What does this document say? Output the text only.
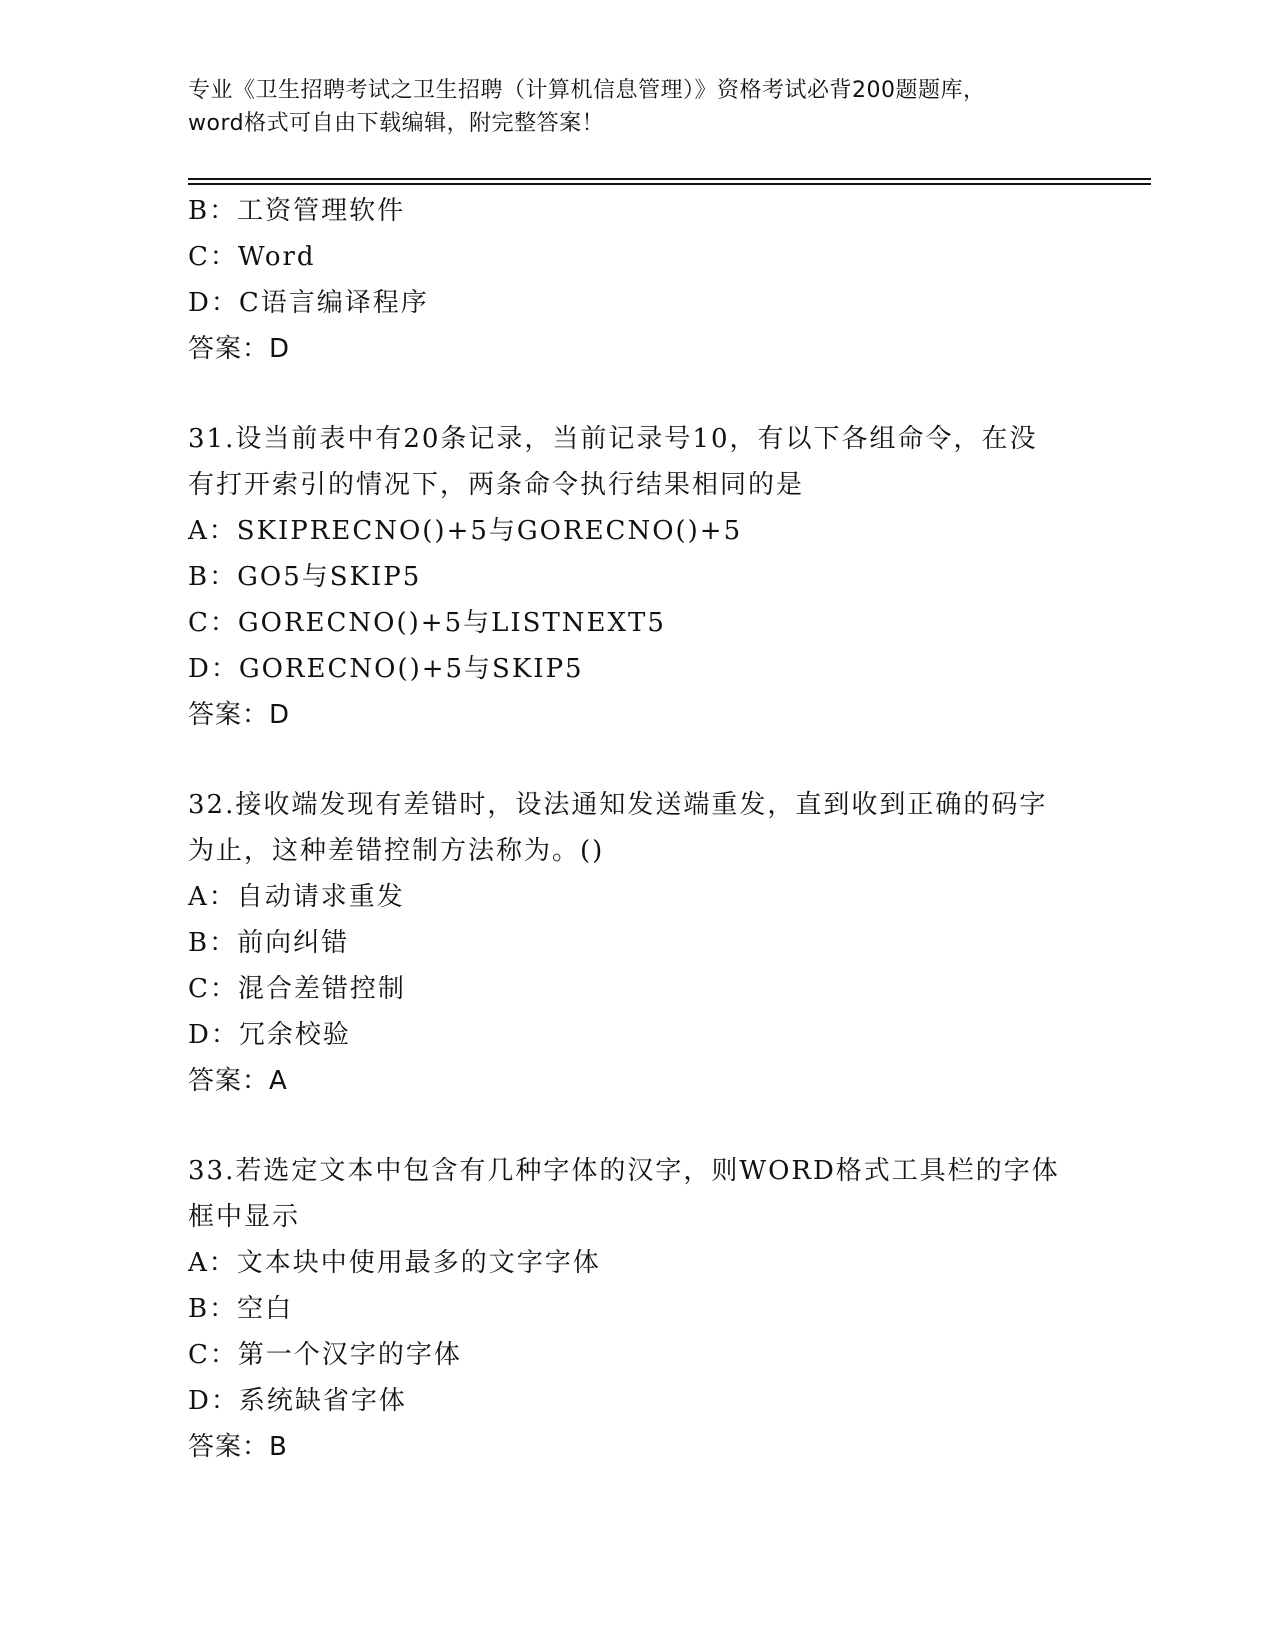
专业《卫生招聘考试之卫生招聘（计算机信息管理）》资格考试必背200题题库，
word格式可自由下载编辑，附完整答案！
B：工资管理软件
C：Word
D：C语言编译程序
答案：D
31.设当前表中有20条记录，当前记录号10，有以下各组命令，在没
有打开索引的情况下，两条命令执行结果相同的是
A：SKIPRECNO()+5与GORECNO()+5
B：GO5与SKIP5
C：GORECNO()+5与LISTNEXT5
D：GORECNO()+5与SKIP5
答案：D
32.接收端发现有差错时，设法通知发送端重发，直到收到正确的码字
为止，这种差错控制方法称为。()
A：自动请求重发
B：前向纠错
C：混合差错控制
D：冗余校验
答案：A
33.若选定文本中包含有几种字体的汉字，则WORD格式工具栏的字体
框中显示
A：文本块中使用最多的文字字体
B：空白
C：第一个汉字的字体
D：系统缺省字体
答案：B
